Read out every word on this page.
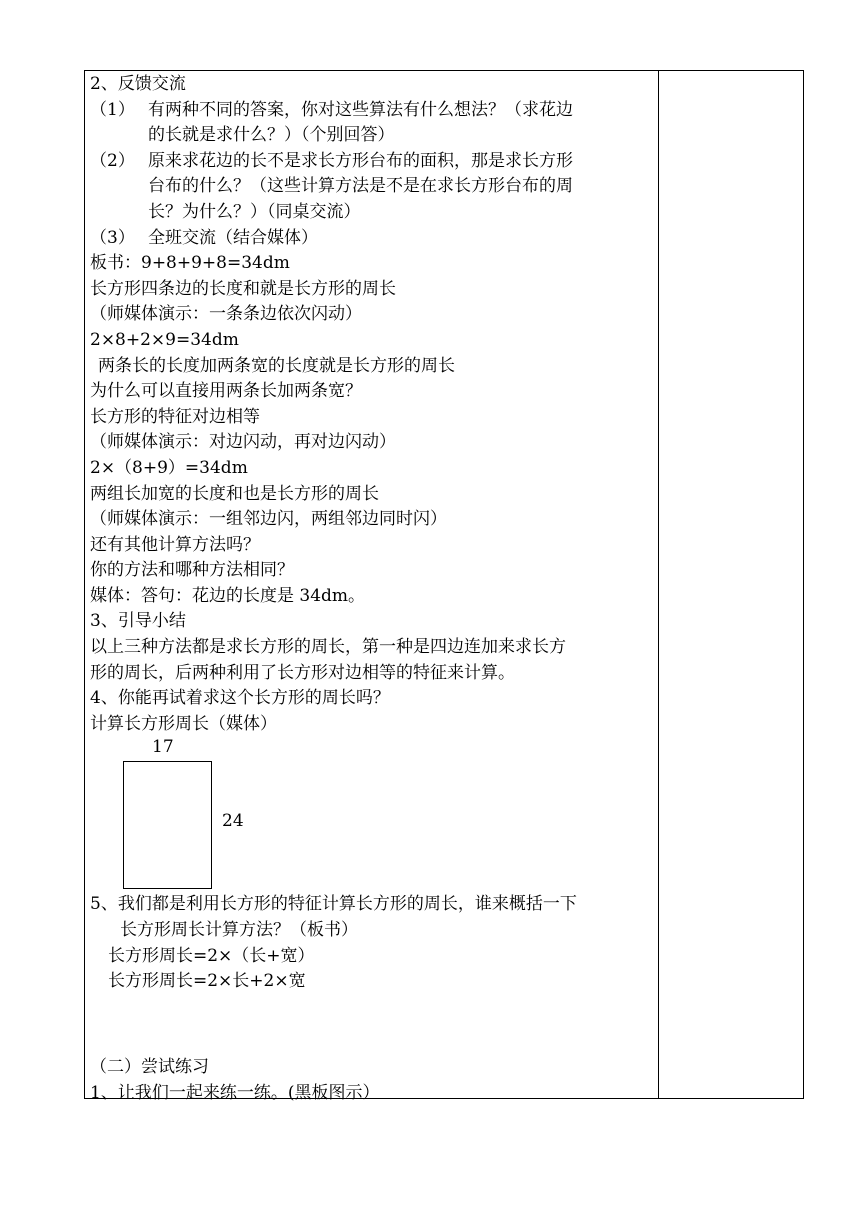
2、反馈交流
（1） 有两种不同的答案，你对这些算法有什么想法？（求花边
的长就是求什么？）（个别回答）
（2） 原来求花边的长不是求长方形台布的面积，那是求长方形
台布的什么？（这些计算方法是不是在求长方形台布的周
长？为什么？）（同桌交流）
（3） 全班交流（结合媒体）
板书：9+8+9+8=34dm
长方形四条边的长度和就是长方形的周长
（师媒体演示：一条条边依次闪动）
2×8+2×9=34dm
两条长的长度加两条宽的长度就是长方形的周长
为什么可以直接用两条长加两条宽？
长方形的特征对边相等
（师媒体演示：对边闪动，再对边闪动）
2×（8+9）=34dm
两组长加宽的长度和也是长方形的周长
（师媒体演示：一组邻边闪，两组邻边同时闪）
还有其他计算方法吗？
你的方法和哪种方法相同？
媒体：答句：花边的长度是 34dm。
3、引导小结
以上三种方法都是求长方形的周长，第一种是四边连加来求长方
形的周长，后两种利用了长方形对边相等的特征来计算。
4、你能再试着求这个长方形的周长吗？
计算长方形周长（媒体）
17
24
5、我们都是利用长方形的特征计算长方形的周长，谁来概括一下
长方形周长计算方法？（板书）
长方形周长=2×（长+宽）
长方形周长=2×长+2×宽
（二）尝试练习
1、让我们一起来练一练。(黑板图示）
